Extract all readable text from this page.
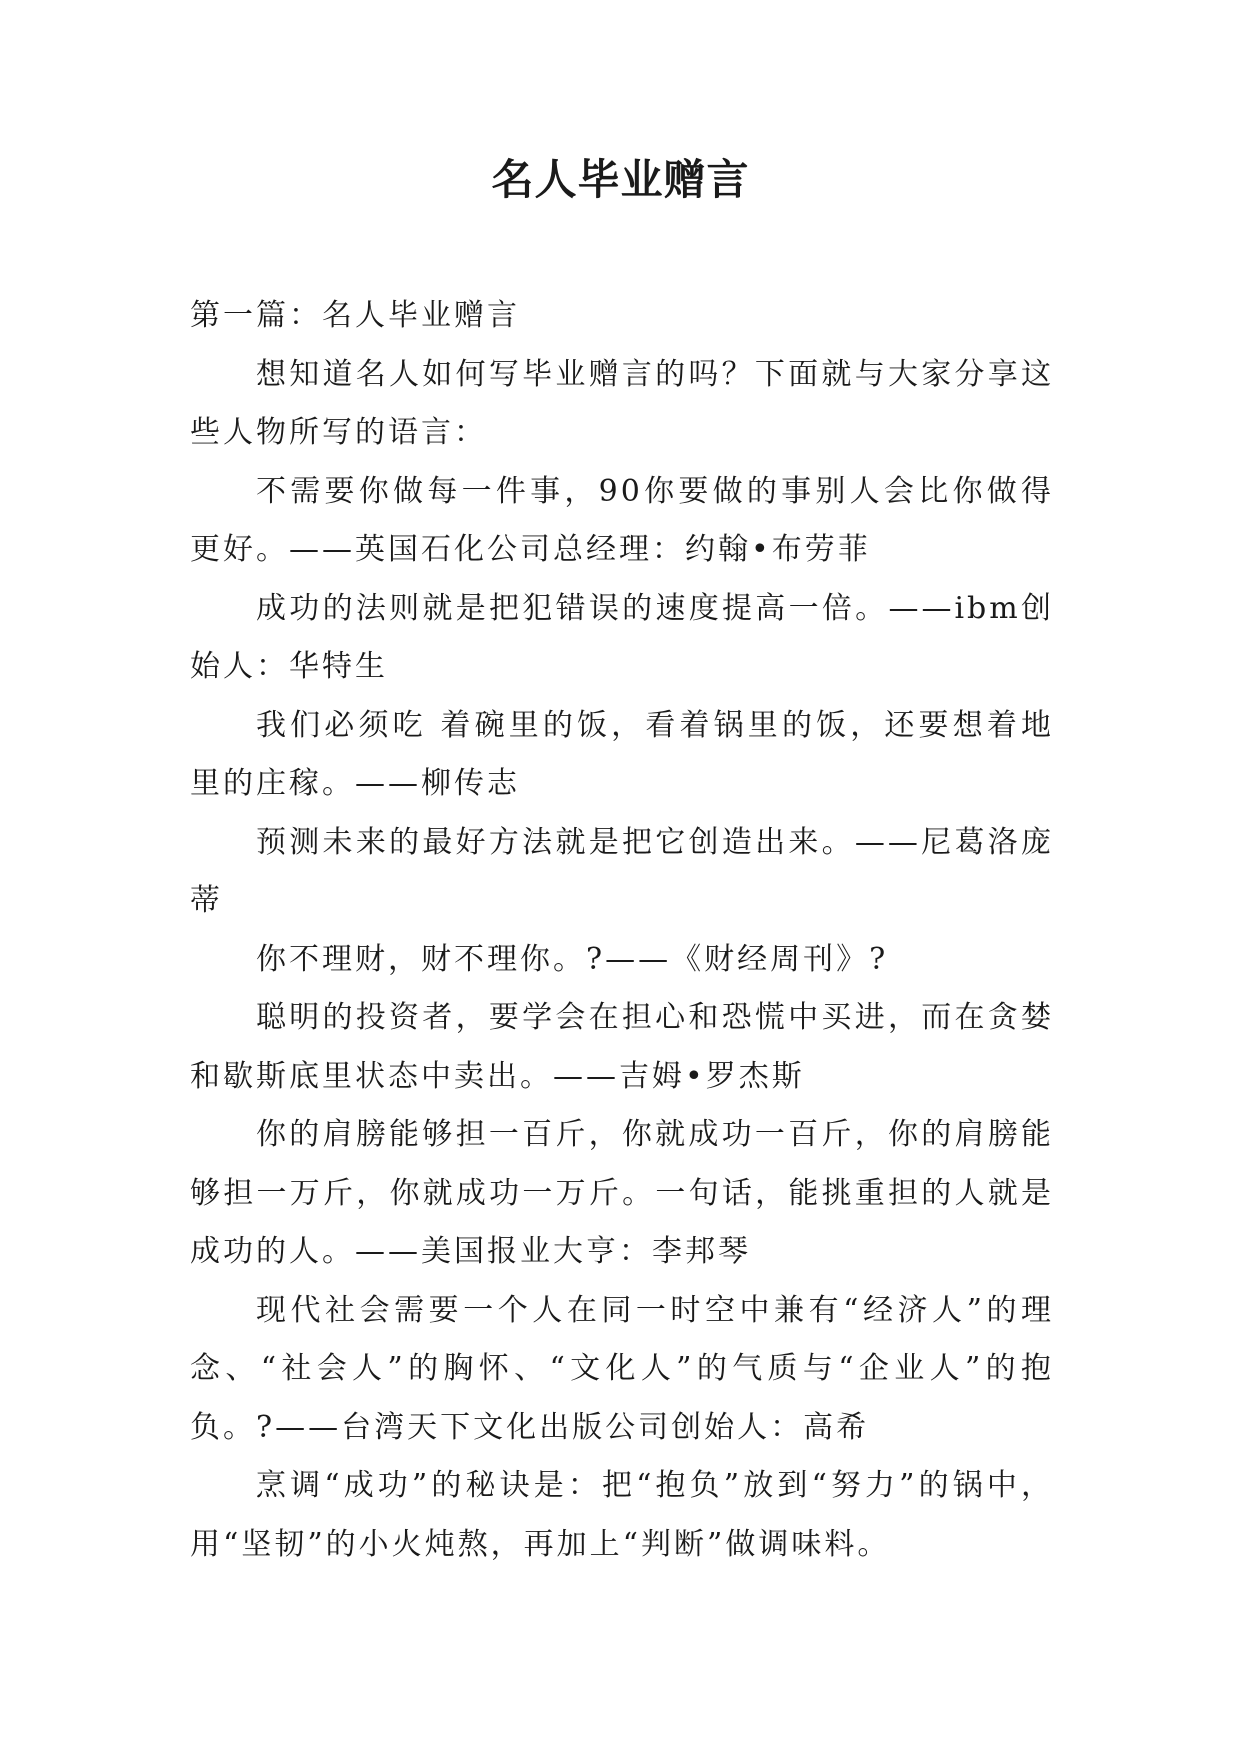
名人毕业赠言

第一篇：名人毕业赠言

想知道名人如何写毕业赠言的吗？下面就与大家分享这些人物所写的语言：

不需要你做每一件事，90你要做的事别人会比你做得更好。——英国石化公司总经理：约翰•布劳菲

成功的法则就是把犯错误的速度提高一倍。——ibm创始人：华特生

我们必须吃 着碗里的饭，看着锅里的饭，还要想着地里的庄稼。——柳传志

预测未来的最好方法就是把它创造出来。——尼葛洛庞蒂

你不理财，财不理你。?——《财经周刊》?

聪明的投资者，要学会在担心和恐慌中买进，而在贪婪和歇斯底里状态中卖出。——吉姆•罗杰斯

你的肩膀能够担一百斤，你就成功一百斤，你的肩膀能够担一万斤，你就成功一万斤。一句话，能挑重担的人就是成功的人。——美国报业大亨：李邦琴

现代社会需要一个人在同一时空中兼有“经济人”的理念、“社会人”的胸怀、“文化人”的气质与“企业人”的抱负。?——台湾天下文化出版公司创始人：高希

烹调“成功”的秘诀是：把“抱负”放到“努力”的锅中，用“坚韧”的小火炖熬，再加上“判断”做调味料。
